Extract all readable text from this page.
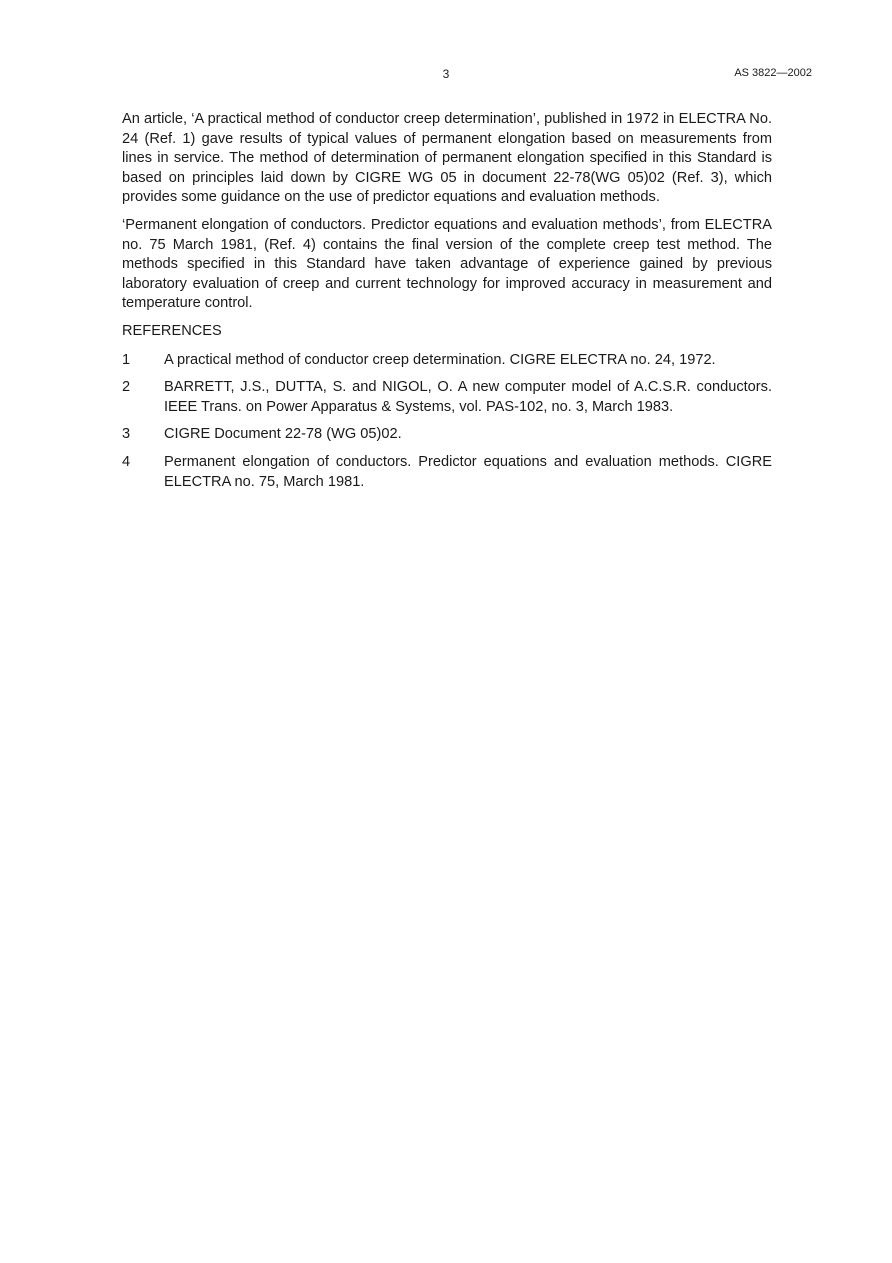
3	AS 3822—2002

An article, ‘A practical method of conductor creep determination’, published in 1972 in ELECTRA No. 24 (Ref. 1) gave results of typical values of permanent elongation based on measurements from lines in service. The method of determination of permanent elongation specified in this Standard is based on principles laid down by CIGRE WG 05 in document 22-78(WG 05)02 (Ref. 3), which provides some guidance on the use of predictor equations and evaluation methods.

‘Permanent elongation of conductors. Predictor equations and evaluation methods’, from ELECTRA no. 75 March 1981, (Ref. 4) contains the final version of the complete creep test method. The methods specified in this Standard have taken advantage of experience gained by previous laboratory evaluation of creep and current technology for improved accuracy in measurement and temperature control.

REFERENCES
1	A practical method of conductor creep determination. CIGRE ELECTRA no. 24, 1972.
2	BARRETT, J.S., DUTTA, S. and NIGOL, O. A new computer model of A.C.S.R. conductors. IEEE Trans. on Power Apparatus & Systems, vol. PAS-102, no. 3, March 1983.
3	CIGRE Document 22-78 (WG 05)02.
4	Permanent elongation of conductors. Predictor equations and evaluation methods. CIGRE ELECTRA no. 75, March 1981.
